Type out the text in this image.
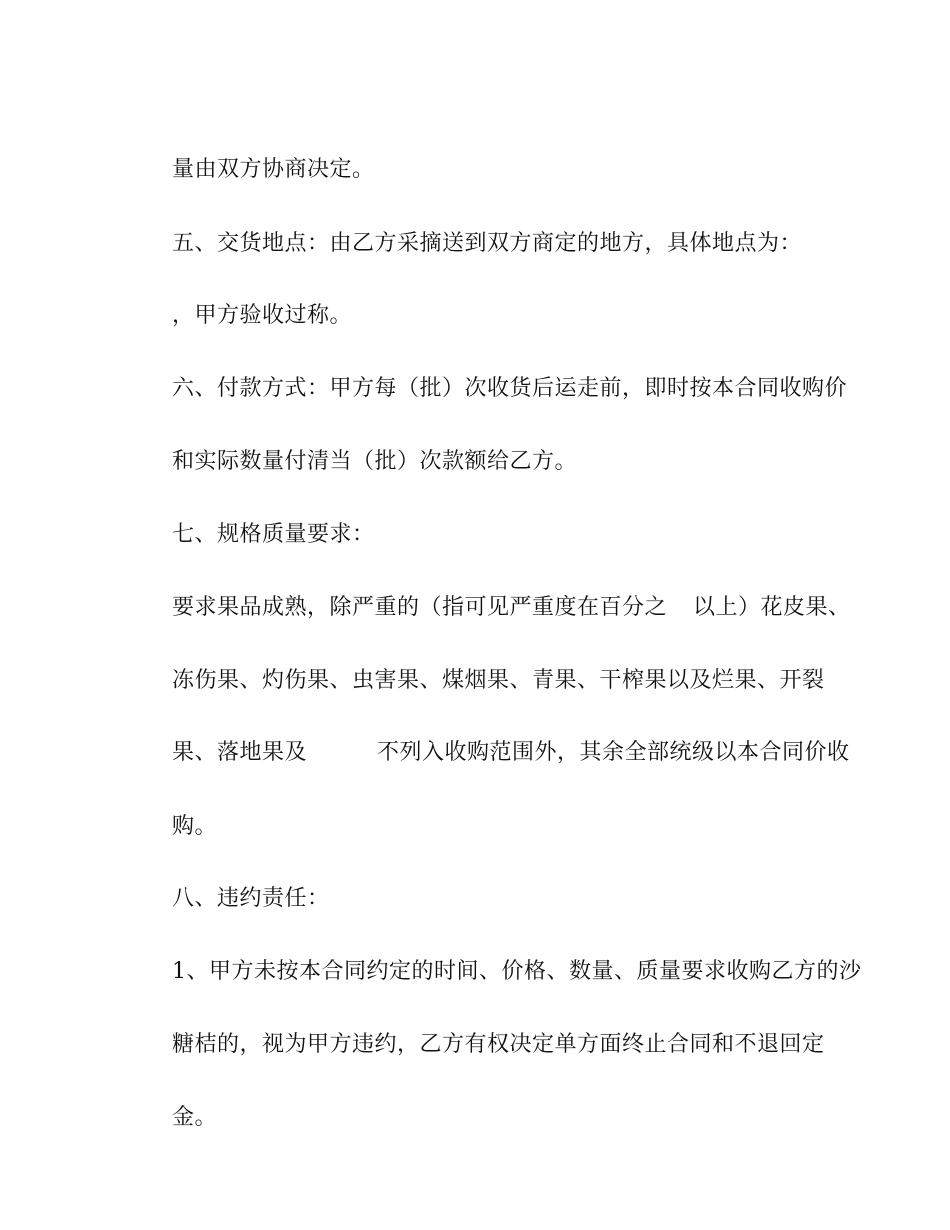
量由双方协商决定。

五、交货地点：由乙方采摘送到双方商定的地方，具体地点为：

，甲方验收过称。

六、付款方式：甲方每（批）次收货后运走前，即时按本合同收购价

和实际数量付清当（批）次款额给乙方。

七、规格质量要求：

要求果品成熟，除严重的（指可见严重度在百分之 以上）花皮果、

冻伤果、灼伤果、虫害果、煤烟果、青果、干榨果以及烂果、开裂

果、落地果及	不列入收购范围外，其余全部统级以本合同价收

购。

八、违约责任：

1、甲方未按本合同约定的时间、价格、数量、质量要求收购乙方的沙

糖桔的，视为甲方违约，乙方有权决定单方面终止合同和不退回定

金。
